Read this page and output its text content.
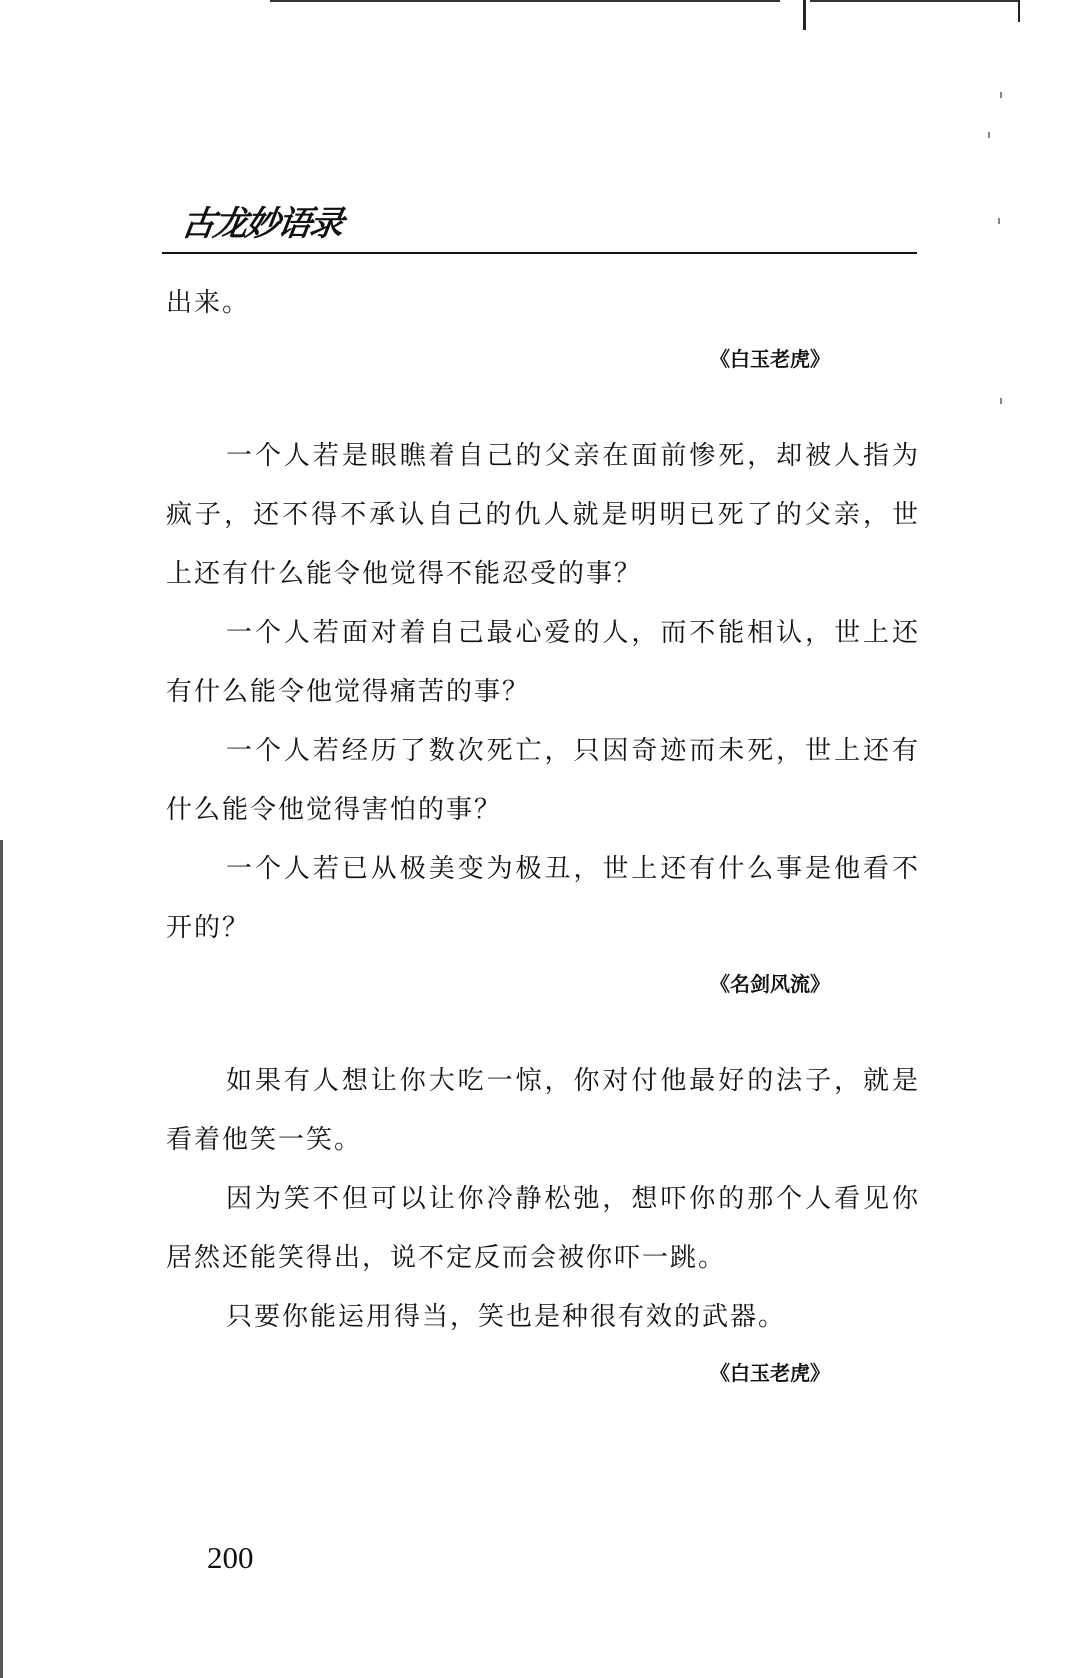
古龙妙语录

出来。

《白玉老虎》

一个人若是眼瞧着自己的父亲在面前惨死，却被人指为疯子，还不得不承认自己的仇人就是明明已死了的父亲，世上还有什么能令他觉得不能忍受的事？

一个人若面对着自己最心爱的人，而不能相认，世上还有什么能令他觉得痛苦的事？

一个人若经历了数次死亡，只因奇迹而未死，世上还有什么能令他觉得害怕的事？

一个人若已从极美变为极丑，世上还有什么事是他看不开的？

《名剑风流》

如果有人想让你大吃一惊，你对付他最好的法子，就是看着他笑一笑。

因为笑不但可以让你冷静松弛，想吓你的那个人看见你居然还能笑得出，说不定反而会被你吓一跳。

只要你能运用得当，笑也是种很有效的武器。

《白玉老虎》

200
